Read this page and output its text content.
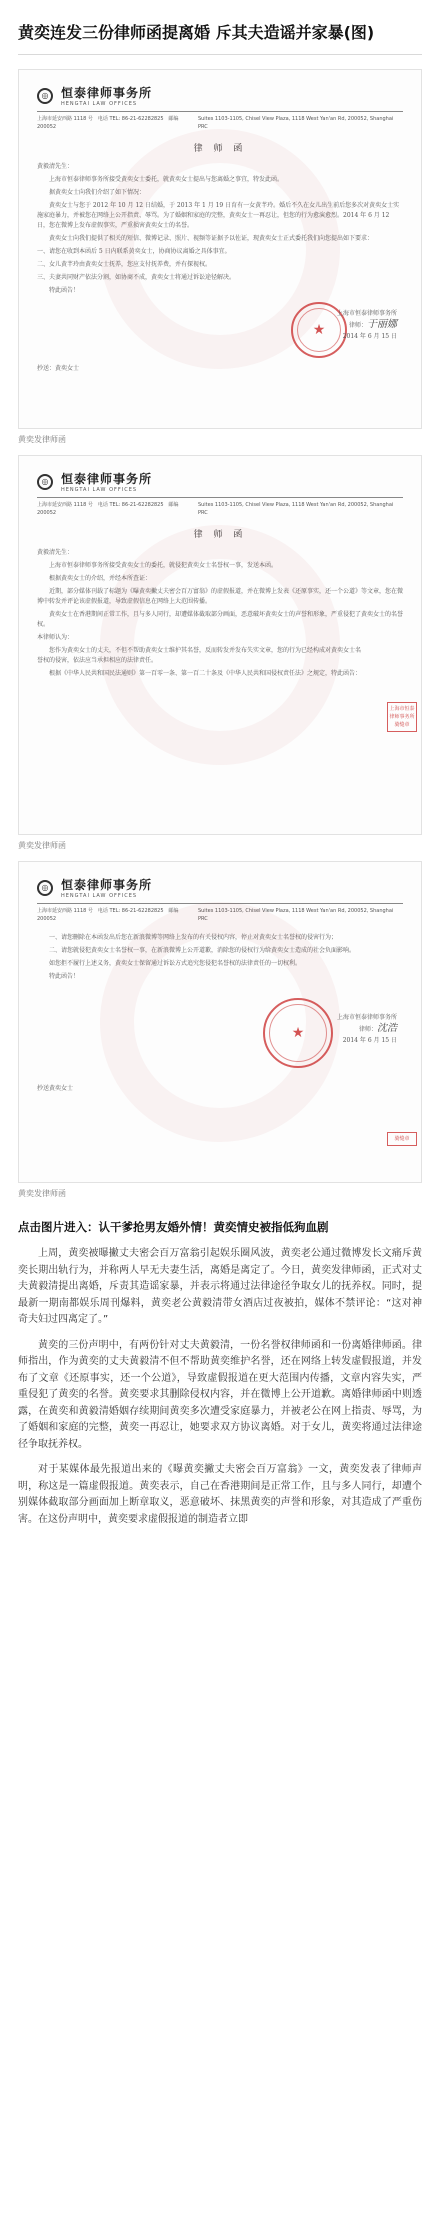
黄奕连发三份律师函提离婚 斥其夫造谣并家暴(图)
◎	恒泰律师事务所
HENGTAI LAW OFFICES
上海市延安西路 1118 号　电话 TEL: 86-21-62282825　邮编 200052
Suites 1103-1105, Chisel View Plaza, 1118 West Yan'an Rd, 200052, Shanghai PRC
律 师 函
黄毅清先生：
上海市恒泰律师事务所接受黄奕女士委托，就黄奕女士提出与您离婚之事宜，特发此函。
据黄奕女士向我们介绍了如下情况：
黄奕女士与您于 2012 年 10 月 12 日结婚，于 2013 年 1 月 19 日育有一女黄芊玲。婚后不久在女儿出生前后您多次对黄奕女士实施家庭暴力，并被您在网络上公开指责、辱骂。为了婚姻和家庭的完整，黄奕女士一再忍让，但您的行为愈演愈烈。2014 年 6 月 12 日，您在微博上发布虚假事实，严重损害黄奕女士的名誉。
黄奕女士向我们提供了相关的短信、微博记录、照片、视频等证据予以佐证，现黄奕女士正式委托我们向您提出如下要求：
一、请您在收到本函后 5 日内联系黄奕女士，协商协议离婚之具体事宜。
二、女儿黄芊玲由黄奕女士抚养，您应支付抚养费，并有探视权。
三、夫妻共同财产依法分割，如协商不成，黄奕女士将通过诉讼途径解决。
特此函告！
★
上海市恒泰律师事务所
律师：于丽娜
2014 年 6 月 15 日
抄送：黄奕女士
黄奕发律师函
◎	恒泰律师事务所
HENGTAI LAW OFFICES
上海市延安西路 1118 号　电话 TEL: 86-21-62282825　邮编 200052
Suites 1103-1105, Chisel View Plaza, 1118 West Yan'an Rd, 200052, Shanghai PRC
律 师 函
黄毅清先生：
上海市恒泰律师事务所接受黄奕女士的委托，就侵犯黄奕女士名誉权一事，发送本函。
根据黄奕女士的介绍，并经本所查证：
近期，部分媒体刊载了标题为《曝黄奕撇丈夫密会百万富翁》的虚假报道，并在微博上发表《还原事实，还一个公道》等文章，您在微博中转发并评论该虚假报道，导致虚假信息在网络上大范围传播。
黄奕女士在香港期间正常工作，且与多人同行，却遭媒体截取部分画面，恶意破坏黄奕女士的声誉和形象，严重侵犯了黄奕女士的名誉权。
本律师认为：
您作为黄奕女士的丈夫，不但不帮助黄奕女士维护其名誉，反而转发并发布失实文章，您的行为已经构成对黄奕女士名誉权的侵害，依法应当承担相应的法律责任。
根据《中华人民共和国民法通则》第一百零一条、第一百二十条及《中华人民共和国侵权责任法》之规定，特此函告：
上海市恒泰律师事务所 骑缝章
黄奕发律师函
◎	恒泰律师事务所
HENGTAI LAW OFFICES
上海市延安西路 1118 号　电话 TEL: 86-21-62282825　邮编 200052
Suites 1103-1105, Chisel View Plaza, 1118 West Yan'an Rd, 200052, Shanghai PRC
一、请您删除在本函发出后您在新浪微博等网络上发布的有关侵权内容，停止对黄奕女士名誉权的侵害行为；
二、请您就侵犯黄奕女士名誉权一事，在新浪微博上公开道歉，消除您的侵权行为给黄奕女士造成的社会负面影响。
如您拒不履行上述义务，黄奕女士保留通过诉讼方式追究您侵犯名誉权的法律责任的一切权利。
特此函告！
★
上海市恒泰律师事务所
律师：沈浩
2014 年 6 月 15 日
抄送黄奕女士
骑缝章
黄奕发律师函
点击图片进入：认干爹抢男友婚外情！黄奕情史被指低狗血剧

上周，黄奕被曝撇丈夫密会百万富翁引起娱乐圈风波，黄奕老公通过微博发长文痛斥黄奕长期出轨行为，并称两人早无夫妻生活，离婚是离定了。今日，黄奕发律师函，正式对丈夫黄毅清提出离婚，斥责其造谣家暴，并表示将通过法律途径争取女儿的抚养权。同时，提最新一期南都娱乐周刊爆料，黄奕老公黄毅清带女酒店过夜被拍，媒体不禁评论：“这对神奇夫妇过四离定了。”

黄奕的三份声明中，有两份针对丈夫黄毅清，一份名誉权律师函和一份离婚律师函。律师指出，作为黄奕的丈夫黄毅清不但不帮助黄奕维护名誉，还在网络上转发虚假报道，并发布了文章《还原事实，还一个公道》，导致虚假报道在更大范围内传播，文章内容失实，严重侵犯了黄奕的名誉。黄奕要求其删除侵权内容，并在微博上公开道歉。离婚律师函中则透露，在黄奕和黄毅清婚姻存续期间黄奕多次遭受家庭暴力，并被老公在网上指责、辱骂，为了婚姻和家庭的完整，黄奕一再忍让，她要求双方协议离婚。对于女儿，黄奕将通过法律途径争取抚养权。

对于某媒体最先报道出来的《曝黄奕撇丈夫密会百万富翁》一文，黄奕发表了律师声明，称这是一篇虚假报道。黄奕表示，自己在香港期间是正常工作，且与多人同行，却遭个别媒体截取部分画面加上断章取义，恶意破坏、抹黑黄奕的声誉和形象，对其造成了严重伤害。在这份声明中，黄奕要求虚假报道的制造者立即
